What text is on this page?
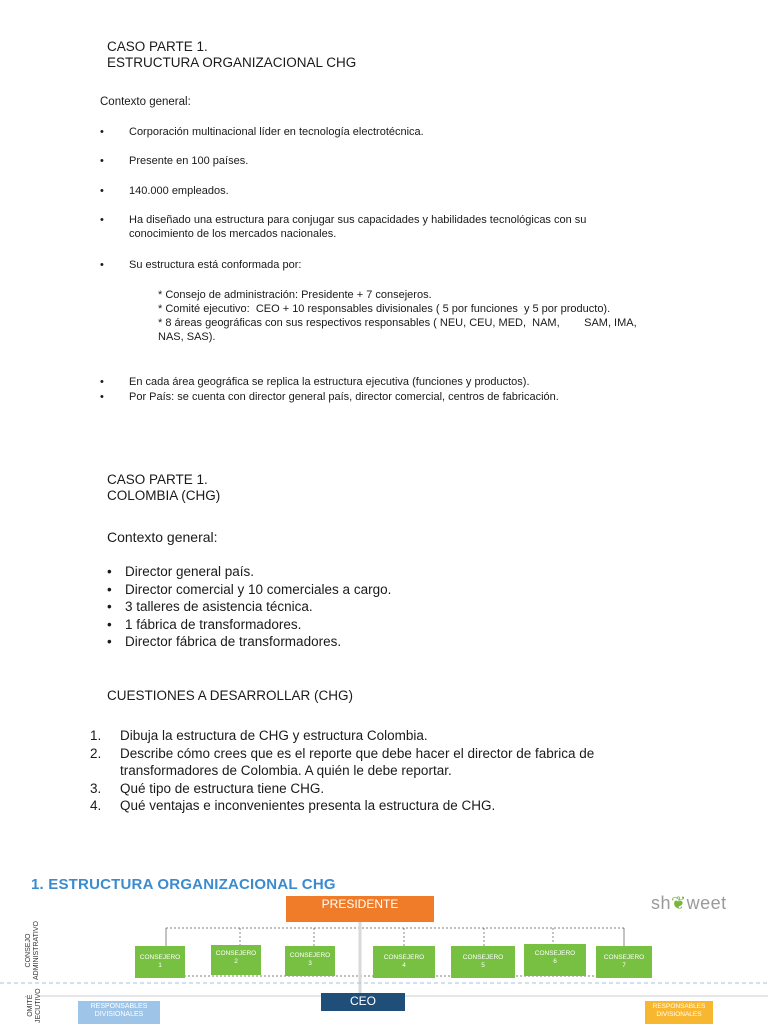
CASO PARTE 1.
ESTRUCTURA ORGANIZACIONAL CHG
Contexto general:
• Corporación multinacional líder en tecnología electrotécnica.
• Presente en 100 países.
• 140.000 empleados.
• Ha diseñado una estructura para conjugar sus capacidades y habilidades tecnológicas con su conocimiento de los mercados nacionales.
• Su estructura está conformada por:
• En cada área geográfica se replica la estructura ejecutiva (funciones y productos).
• Por País: se cuenta con director general país, director comercial, centros de fabricación.
* Consejo de administración: Presidente + 7 consejeros.
* Comité ejecutivo:  CEO + 10 responsables divisionales ( 5 por funciones  y 5 por producto).
* 8 áreas geográficas con sus respectivos responsables ( NEU, CEU, MED,  NAM,        SAM, IMA, NAS, SAS).
CASO PARTE 1.
COLOMBIA (CHG)
Contexto general:
• Director general país.
• Director comercial y 10 comerciales a cargo.
• 3 talleres de asistencia técnica.
• 1 fábrica de transformadores.
• Director fábrica de transformadores.
CUESTIONES A DESARROLLAR (CHG)
1. Dibuja la estructura de CHG y estructura Colombia.
2. Describe cómo crees que es el reporte que debe hacer el director de fabrica de transformadores de Colombia. A quién le debe reportar.
3. Qué tipo de estructura tiene CHG.
4. Qué ventajas e inconvenientes presenta la estructura de CHG.
1. ESTRUCTURA ORGANIZACIONAL CHG
sh❦weet
PRESIDENTE
CONSEJERO
1
CONSEJERO
2
CONSEJERO
3
CONSEJERO
4
CONSEJERO
5
CONSEJERO
6
CONSEJERO
7
CONSEJO ADMINISTRATIVO
OMITÉ JECUTIVO	CEO
RESPONSABLES
DIVISIONALES
RESPONSABLES
DIVISIONALES
